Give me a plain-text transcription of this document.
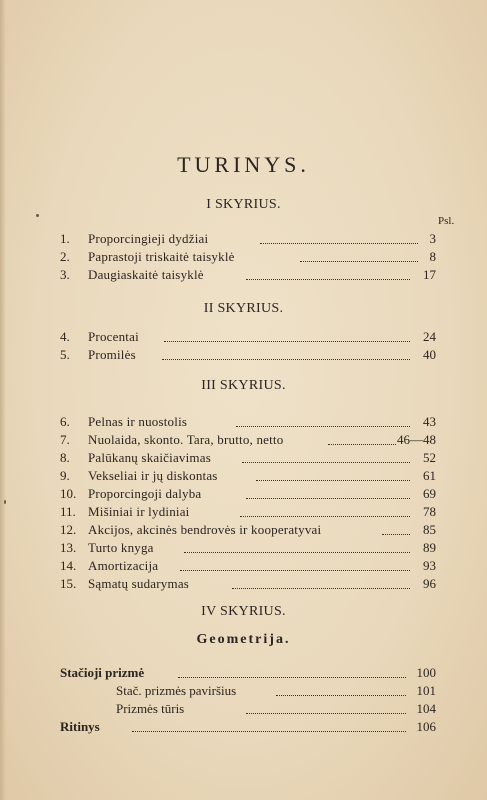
TURINYS.
I SKYRIUS.
Psl.
1.	Proporcingieji dydžiai	3
2.	Paprastoji triskaitė taisyklė	8
3.	Daugiaskaitė taisyklė	17
II SKYRIUS.
4.	Procentai	24
5.	Promilės	40
III SKYRIUS.
6.	Pelnas ir nuostolis	43
7.	Nuolaida, skonto. Tara, brutto, netto	46—48
8.	Palūkanų skaičiavimas	52
9.	Vekseliai ir jų diskontas	61
10. Proporcingoji dalyba	69
11. Mišiniai ir lydiniai	78
12. Akcijos, akcinės bendrovės ir kooperatyvai	85
13. Turto knyga	89
14. Amortizacija	93
15. Sąmatų sudarymas	96
IV SKYRIUS.
Geometrija.
Stačioji prizmė	100
Stač. prizmės paviršius	101
Prizmės tūris	104
Ritinys	106
